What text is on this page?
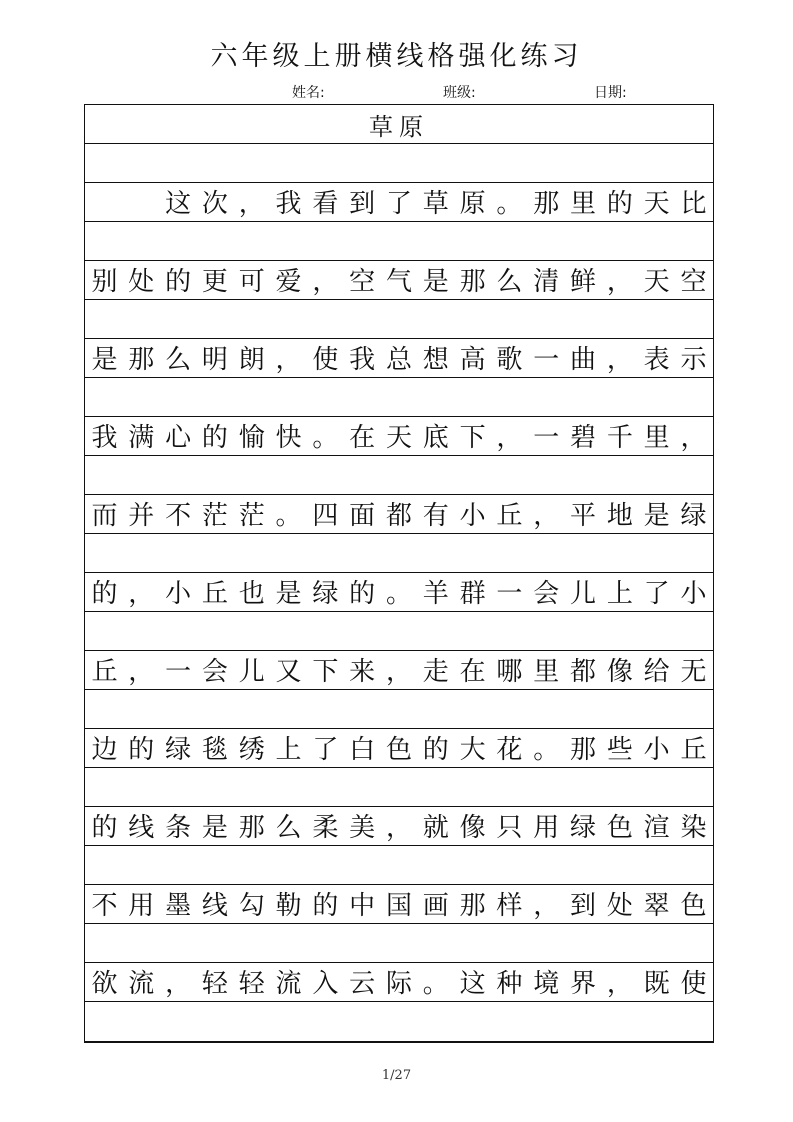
六年级上册横线格强化练习
姓名:	班级:	日期:
草原

这 次 ， 我 看 到 了 草 原 。 那 里 的 天 比
别 处 的 更 可 爱 ， 空 气 是 那 么 清 鲜 ， 天 空
是 那 么 明 朗 ， 使 我 总 想 高 歌 一 曲 ， 表 示
我 满 心 的 愉 快 。 在 天 底 下 ， 一 碧 千 里 ，
而 并 不 茫 茫 。 四 面 都 有 小 丘 ， 平 地 是 绿
的 ， 小 丘 也 是 绿 的 。 羊 群 一 会 儿 上 了 小
丘 ， 一 会 儿 又 下 来 ， 走 在 哪 里 都 像 给 无
边 的 绿 毯 绣 上 了 白 色 的 大 花 。 那 些 小 丘
的 线 条 是 那 么 柔 美 ， 就 像 只 用 绿 色 渲 染
不 用 墨 线 勾 勒 的 中 国 画 那 样 ， 到 处 翠 色
欲 流 ， 轻 轻 流 入 云 际 。 这 种 境 界 ， 既 使
1/27
